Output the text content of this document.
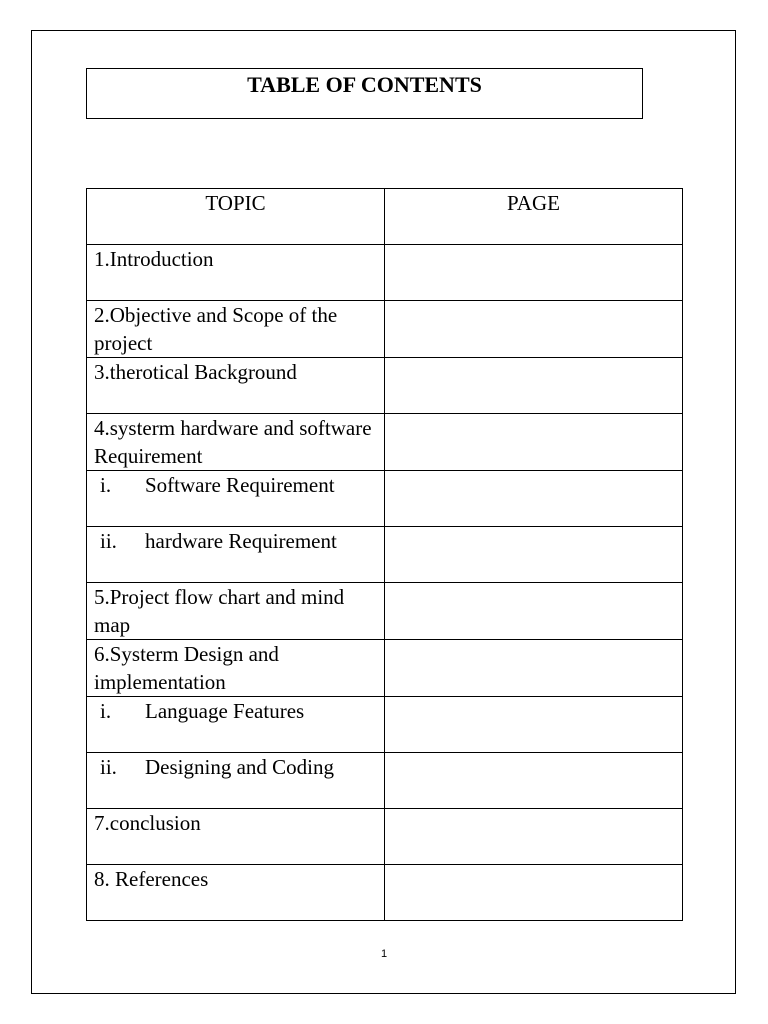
TABLE OF CONTENTS
TOPIC	PAGE

1.Introduction	
2.Objective and Scope of the project	
3.therotical Background	
4.systerm hardware and software Requirement	

i. Software Requirement	

ii. hardware Requirement	

5.Project flow chart and mind map	
6.Systerm Design and implementation	

i. Language Features	

ii. Designing and Coding	

7.conclusion	
8. References	
1
